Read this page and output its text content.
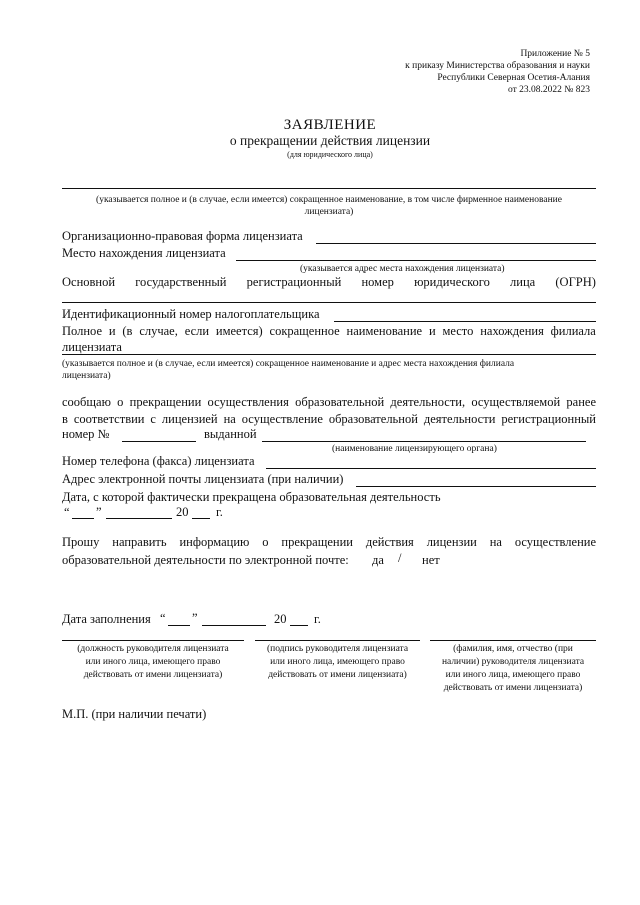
Приложение № 5
к приказу Министерства образования и науки
Республики Северная Осетия-Алания
от 23.08.2022 № 823
ЗАЯВЛЕНИЕ
о прекращении действия лицензии
(для юридического лица)
(указывается полное и (в случае, если имеется) сокращенное наименование, в том числе фирменное наименование
лицензиата)
Организационно-правовая форма лицензиата
Место нахождения лицензиата
(указывается адрес места нахождения лицензиата)
Основной государственный регистрационный номер юридического лица (ОГРН)
Идентификационный номер налогоплательщика
Полное и (в случае, если имеется) сокращенное наименование и место нахождения филиала
лицензиата
(указывается полное и (в случае, если имеется) сокращенное наименование и адрес места нахождения филиала
лицензиата)
сообщаю о прекращении осуществления образовательной деятельности, осуществляемой ранее
в соответствии с лицензией на осуществление образовательной деятельности регистрационный
номер №	выданной
(наименование лицензирующего органа)
Номер телефона (факса) лицензиата
Адрес электронной почты лицензиата (при наличии)
Дата, с которой фактически прекращена образовательная деятельность
“ ”	20 г.
Прошу направить информацию о прекращении действия лицензии на осуществление
образовательной деятельности по электронной почте: да / нет
Дата заполнения “ ”	20 г.
(должность руководителя лицензиата
или иного лица, имеющего право
действовать от имени лицензиата)
(подпись руководителя лицензиата
или иного лица, имеющего право
действовать от имени лицензиата)
(фамилия, имя, отчество (при
наличии) руководителя лицензиата
или иного лица, имеющего право
действовать от имени лицензиата)
М.П. (при наличии печати)
